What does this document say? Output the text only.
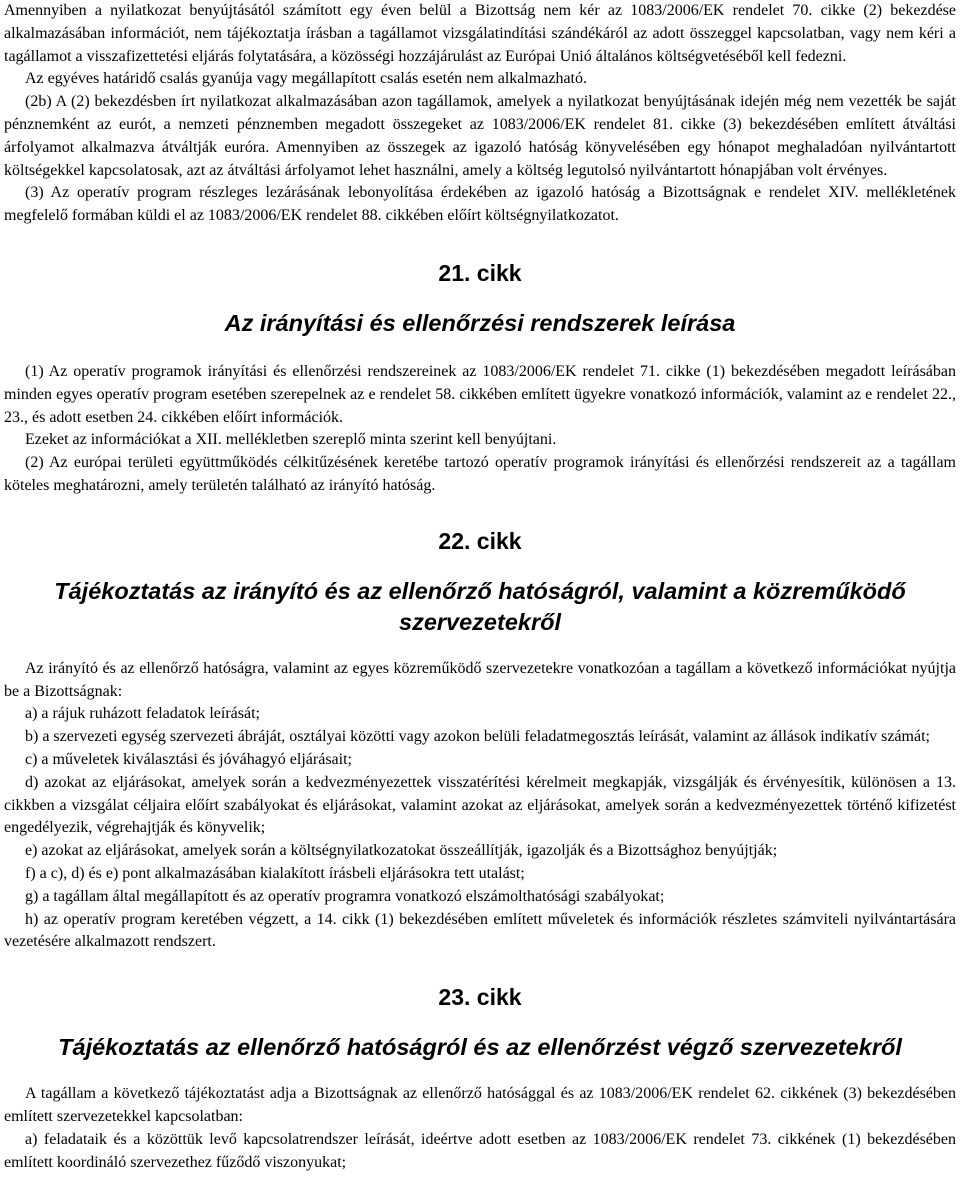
Amennyiben a nyilatkozat benyújtásától számított egy éven belül a Bizottság nem kér az 1083/2006/EK rendelet 70. cikke (2) bekezdése alkalmazásában információt, nem tájékoztatja írásban a tagállamot vizsgálatindítási szándékáról az adott összeggel kapcsolatban, vagy nem kéri a tagállamot a visszafizettetési eljárás folytatására, a közösségi hozzájárulást az Európai Unió általános költségvetéséből kell fedezni.

Az egyéves határidő csalás gyanúja vagy megállapított csalás esetén nem alkalmazható.

(2b) A (2) bekezdésben írt nyilatkozat alkalmazásában azon tagállamok, amelyek a nyilatkozat benyújtásának idején még nem vezették be saját pénznemként az eurót, a nemzeti pénznemben megadott összegeket az 1083/2006/EK rendelet 81. cikke (3) bekezdésében említett átváltási árfolyamot alkalmazva átváltják euróra. Amennyiben az összegek az igazoló hatóság könyvelésében egy hónapot meghaladóan nyilvántartott költségekkel kapcsolatosak, azt az átváltási árfolyamot lehet használni, amely a költség legutolsó nyilvántartott hónapjában volt érvényes.

(3) Az operatív program részleges lezárásának lebonyolítása érdekében az igazoló hatóság a Bizottságnak e rendelet XIV. mellékletének megfelelő formában küldi el az 1083/2006/EK rendelet 88. cikkében előírt költségnyilatkozatot.

21. cikk
Az irányítási és ellenőrzési rendszerek leírása

(1) Az operatív programok irányítási és ellenőrzési rendszereinek az 1083/2006/EK rendelet 71. cikke (1) bekezdésében megadott leírásában minden egyes operatív program esetében szerepelnek az e rendelet 58. cikkében említett ügyekre vonatkozó információk, valamint az e rendelet 22., 23., és adott esetben 24. cikkében előírt információk.

Ezeket az információkat a XII. mellékletben szereplő minta szerint kell benyújtani.

(2) Az európai területi együttműködés célkitűzésének keretébe tartozó operatív programok irányítási és ellenőrzési rendszereit az a tagállam köteles meghatározni, amely területén található az irányító hatóság.

22. cikk
Tájékoztatás az irányító és az ellenőrző hatóságról, valamint a közreműködő szervezetekről

Az irányító és az ellenőrző hatóságra, valamint az egyes közreműködő szervezetekre vonatkozóan a tagállam a következő információkat nyújtja be a Bizottságnak:

a) a rájuk ruházott feladatok leírását;

b) a szervezeti egység szervezeti ábráját, osztályai közötti vagy azokon belüli feladatmegosztás leírását, valamint az állások indikatív számát;

c) a műveletek kiválasztási és jóváhagyó eljárásait;

d) azokat az eljárásokat, amelyek során a kedvezményezettek visszatérítési kérelmeit megkapják, vizsgálják és érvényesítik, különösen a 13. cikkben a vizsgálat céljaira előírt szabályokat és eljárásokat, valamint azokat az eljárásokat, amelyek során a kedvezményezettek történő kifizetést engedélyezik, végrehajtják és könyvelik;

e) azokat az eljárásokat, amelyek során a költségnyilatkozatokat összeállítják, igazolják és a Bizottsághoz benyújtják;

f) a c), d) és e) pont alkalmazásában kialakított írásbeli eljárásokra tett utalást;

g) a tagállam által megállapított és az operatív programra vonatkozó elszámolthatósági szabályokat;

h) az operatív program keretében végzett, a 14. cikk (1) bekezdésében említett műveletek és információk részletes számviteli nyilvántartására vezetésére alkalmazott rendszert.

23. cikk
Tájékoztatás az ellenőrző hatóságról és az ellenőrzést végző szervezetekről

A tagállam a következő tájékoztatást adja a Bizottságnak az ellenőrző hatósággal és az 1083/2006/EK rendelet 62. cikkének (3) bekezdésében említett szervezetekkel kapcsolatban:

a) feladataik és a közöttük levő kapcsolatrendszer leírását, ideértve adott esetben az 1083/2006/EK rendelet 73. cikkének (1) bekezdésében említett koordináló szervezethez fűződő viszonyukat;
